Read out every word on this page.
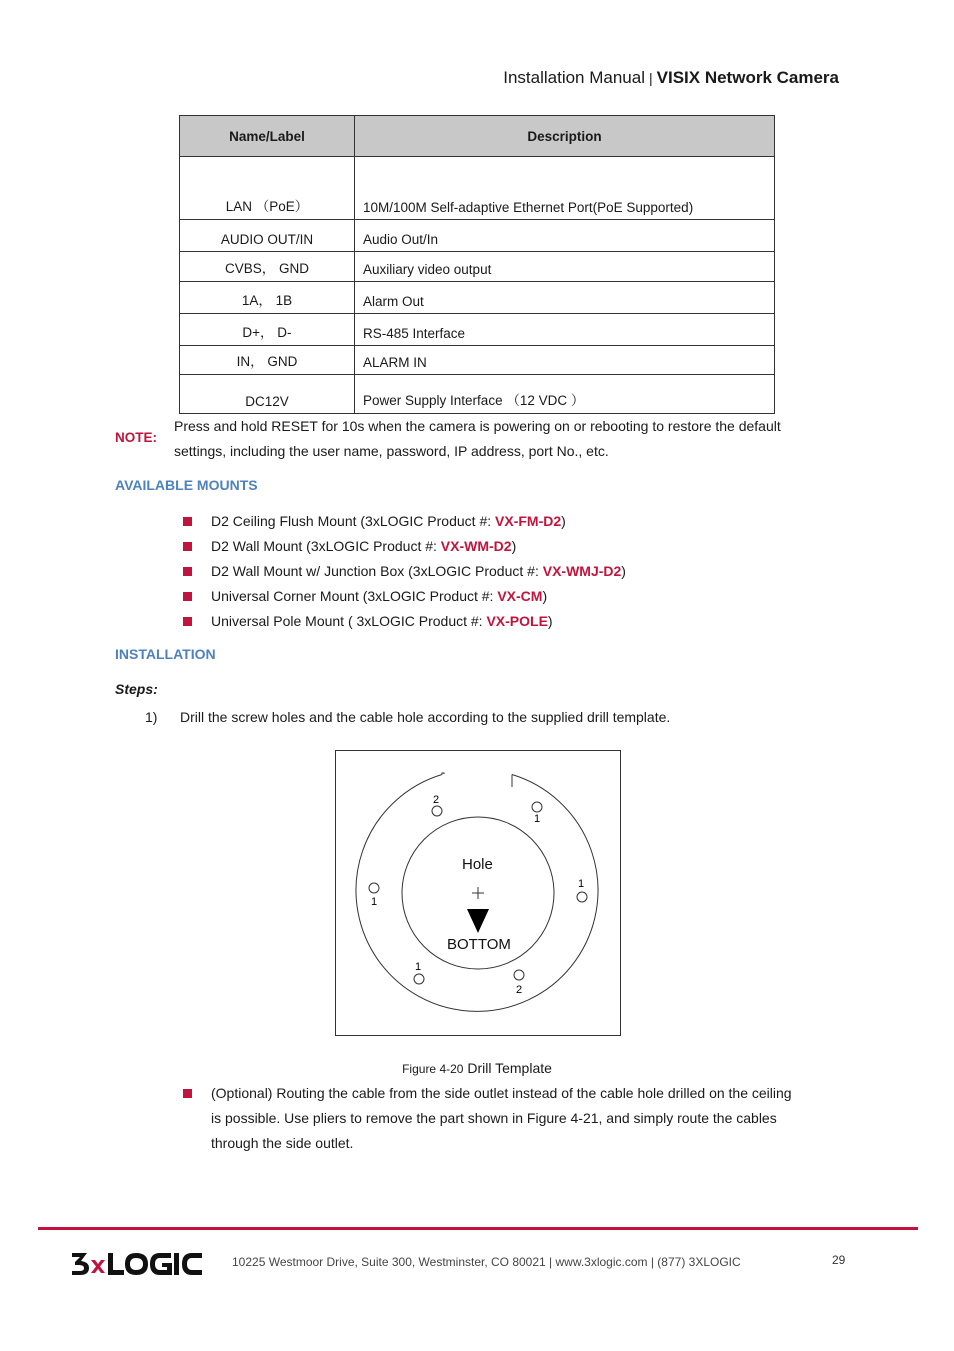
Installation Manual | VISIX Network Camera
Name/Label	Description
LAN （PoE）	10M/100M Self-adaptive Ethernet Port(PoE Supported)
AUDIO OUT/IN	Audio Out/In
CVBS， GND	Auxiliary video output
1A， 1B	Alarm Out
D+， D-	RS-485 Interface
IN， GND	ALARM IN
DC12V	Power Supply Interface （12 VDC ）
NOTE:
Press and hold RESET for 10s when the camera is powering on or rebooting to restore the default
settings, including the user name, password, IP address, port No., etc.
AVAILABLE MOUNTS
D2 Ceiling Flush Mount (3xLOGIC Product #: VX-FM-D2)
D2 Wall Mount (3xLOGIC Product #: VX-WM-D2)
D2 Wall Mount w/ Junction Box (3xLOGIC Product #: VX-WMJ-D2)
Universal Corner Mount (3xLOGIC Product #: VX-CM)
Universal Pole Mount ( 3xLOGIC Product #: VX-POLE)
INSTALLATION
Steps:
1) Drill the screw holes and the cable hole according to the supplied drill template.
Hole
BOTTOM
2
1
1
1
1
2
Figure 4-20 Drill Template
(Optional) Routing the cable from the side outlet instead of the cable hole drilled on the ceiling
is possible. Use pliers to remove the part shown in Figure 4-21, and simply route the cables
through the side outlet.
10225 Westmoor Drive, Suite 300, Westminster, CO 80021 | www.3xlogic.com | (877) 3XLOGIC	29
